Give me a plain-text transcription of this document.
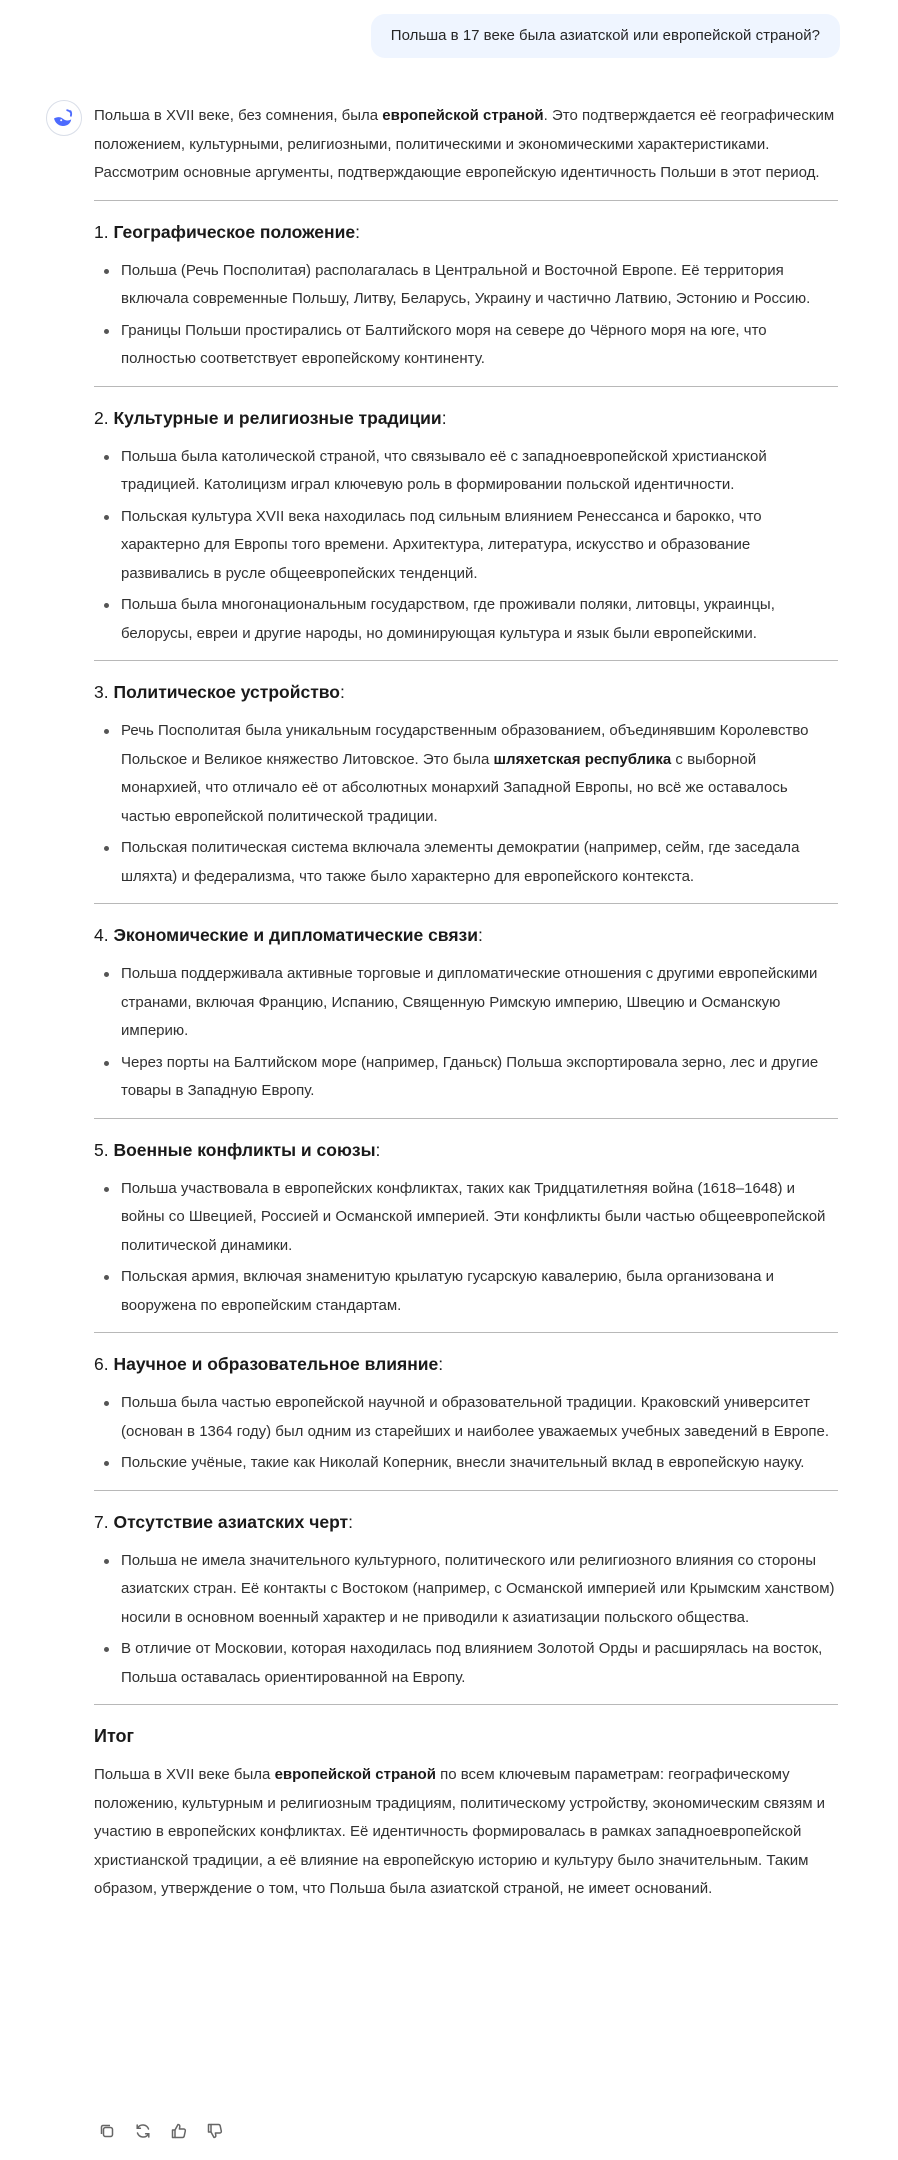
Польша в 17 веке была азиатской или европейской страной?

Польша в XVII веке, без сомнения, была европейской страной. Это подтверждается её географическим положением, культурными, религиозными, политическими и экономическими характеристиками. Рассмотрим основные аргументы, подтверждающие европейскую идентичность Польши в этот период.

1. Географическое положение:
Польша (Речь Посполитая) располагалась в Центральной и Восточной Европе. Её территория включала современные Польшу, Литву, Беларусь, Украину и частично Латвию, Эстонию и Россию.
Границы Польши простирались от Балтийского моря на севере до Чёрного моря на юге, что полностью соответствует европейскому континенту.
2. Культурные и религиозные традиции:
Польша была католической страной, что связывало её с западноевропейской христианской традицией. Католицизм играл ключевую роль в формировании польской идентичности.
Польская культура XVII века находилась под сильным влиянием Ренессанса и барокко, что характерно для Европы того времени. Архитектура, литература, искусство и образование развивались в русле общеевропейских тенденций.
Польша была многонациональным государством, где проживали поляки, литовцы, украинцы, белорусы, евреи и другие народы, но доминирующая культура и язык были европейскими.
3. Политическое устройство:
Речь Посполитая была уникальным государственным образованием, объединявшим Королевство Польское и Великое княжество Литовское. Это была шляхетская республика с выборной монархией, что отличало её от абсолютных монархий Западной Европы, но всё же оставалось частью европейской политической традиции.
Польская политическая система включала элементы демократии (например, сейм, где заседала шляхта) и федерализма, что также было характерно для европейского контекста.
4. Экономические и дипломатические связи:
Польша поддерживала активные торговые и дипломатические отношения с другими европейскими странами, включая Францию, Испанию, Священную Римскую империю, Швецию и Османскую империю.
Через порты на Балтийском море (например, Гданьск) Польша экспортировала зерно, лес и другие товары в Западную Европу.
5. Военные конфликты и союзы:
Польша участвовала в европейских конфликтах, таких как Тридцатилетняя война (1618–1648) и войны со Швецией, Россией и Османской империей. Эти конфликты были частью общеевропейской политической динамики.
Польская армия, включая знаменитую крылатую гусарскую кавалерию, была организована и вооружена по европейским стандартам.
6. Научное и образовательное влияние:
Польша была частью европейской научной и образовательной традиции. Краковский университет (основан в 1364 году) был одним из старейших и наиболее уважаемых учебных заведений в Европе.
Польские учёные, такие как Николай Коперник, внесли значительный вклад в европейскую науку.
7. Отсутствие азиатских черт:
Польша не имела значительного культурного, политического или религиозного влияния со стороны азиатских стран. Её контакты с Востоком (например, с Османской империей или Крымским ханством) носили в основном военный характер и не приводили к азиатизации польского общества.
В отличие от Московии, которая находилась под влиянием Золотой Орды и расширялась на восток, Польша оставалась ориентированной на Европу.
Итог

Польша в XVII веке была европейской страной по всем ключевым параметрам: географическому положению, культурным и религиозным традициям, политическому устройству, экономическим связям и участию в европейских конфликтах. Её идентичность формировалась в рамках западноевропейской христианской традиции, а её влияние на европейскую историю и культуру было значительным. Таким образом, утверждение о том, что Польша была азиатской страной, не имеет оснований.
